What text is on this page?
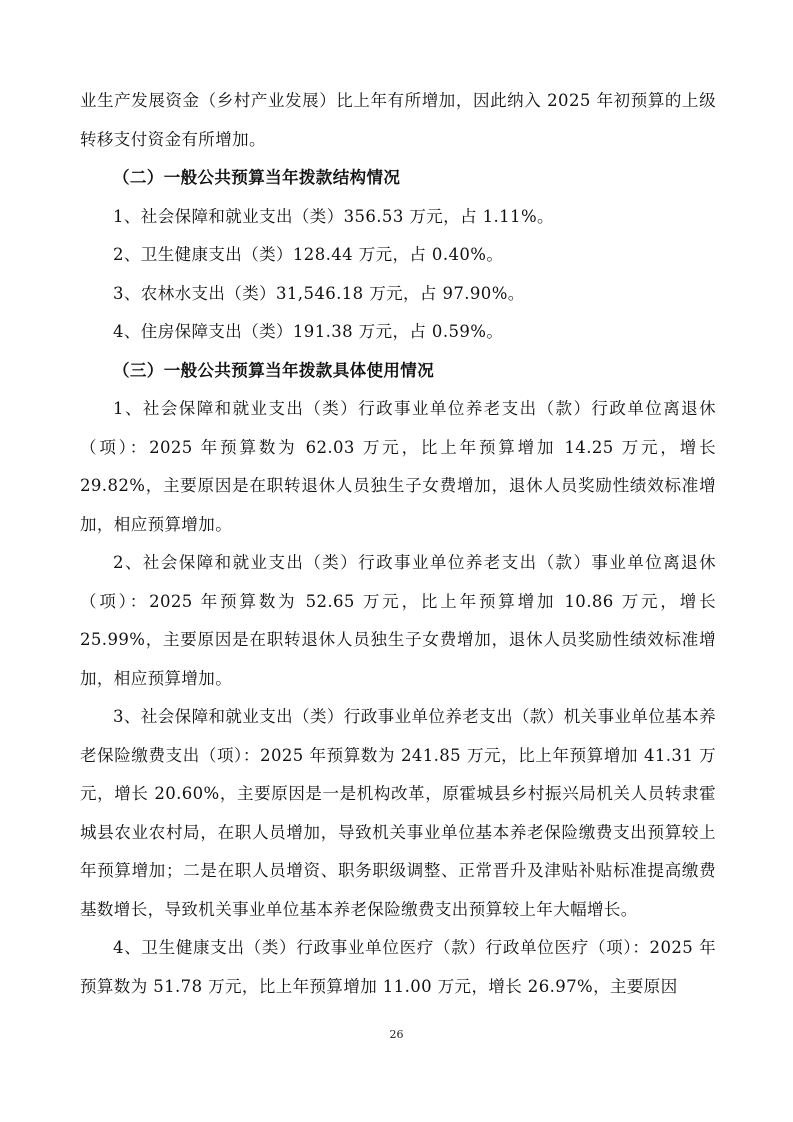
业生产发展资金（乡村产业发展）比上年有所增加，因此纳入 2025 年初预算的上级转移支付资金有所增加。

（二）一般公共预算当年拨款结构情况

1、社会保障和就业支出（类）356.53 万元，占 1.11%。

2、卫生健康支出（类）128.44 万元，占 0.40%。

3、农林水支出（类）31,546.18 万元，占 97.90%。

4、住房保障支出（类）191.38 万元，占 0.59%。

（三）一般公共预算当年拨款具体使用情况

1、社会保障和就业支出（类）行政事业单位养老支出（款）行政单位离退休（项）：2025 年预算数为 62.03 万元，比上年预算增加 14.25 万元，增长 29.82%，主要原因是在职转退休人员独生子女费增加，退休人员奖励性绩效标准增加，相应预算增加。

2、社会保障和就业支出（类）行政事业单位养老支出（款）事业单位离退休（项）：2025 年预算数为 52.65 万元，比上年预算增加 10.86 万元，增长 25.99%，主要原因是在职转退休人员独生子女费增加，退休人员奖励性绩效标准增加，相应预算增加。

3、社会保障和就业支出（类）行政事业单位养老支出（款）机关事业单位基本养老保险缴费支出（项）：2025 年预算数为 241.85 万元，比上年预算增加 41.31 万元，增长 20.60%，主要原因是一是机构改革，原霍城县乡村振兴局机关人员转隶霍城县农业农村局，在职人员增加，导致机关事业单位基本养老保险缴费支出预算较上年预算增加；二是在职人员增资、职务职级调整、正常晋升及津贴补贴标准提高缴费基数增长，导致机关事业单位基本养老保险缴费支出预算较上年大幅增长。

4、卫生健康支出（类）行政事业单位医疗（款）行政单位医疗（项）：2025 年预算数为 51.78 万元，比上年预算增加 11.00 万元，增长 26.97%，主要原因

26
